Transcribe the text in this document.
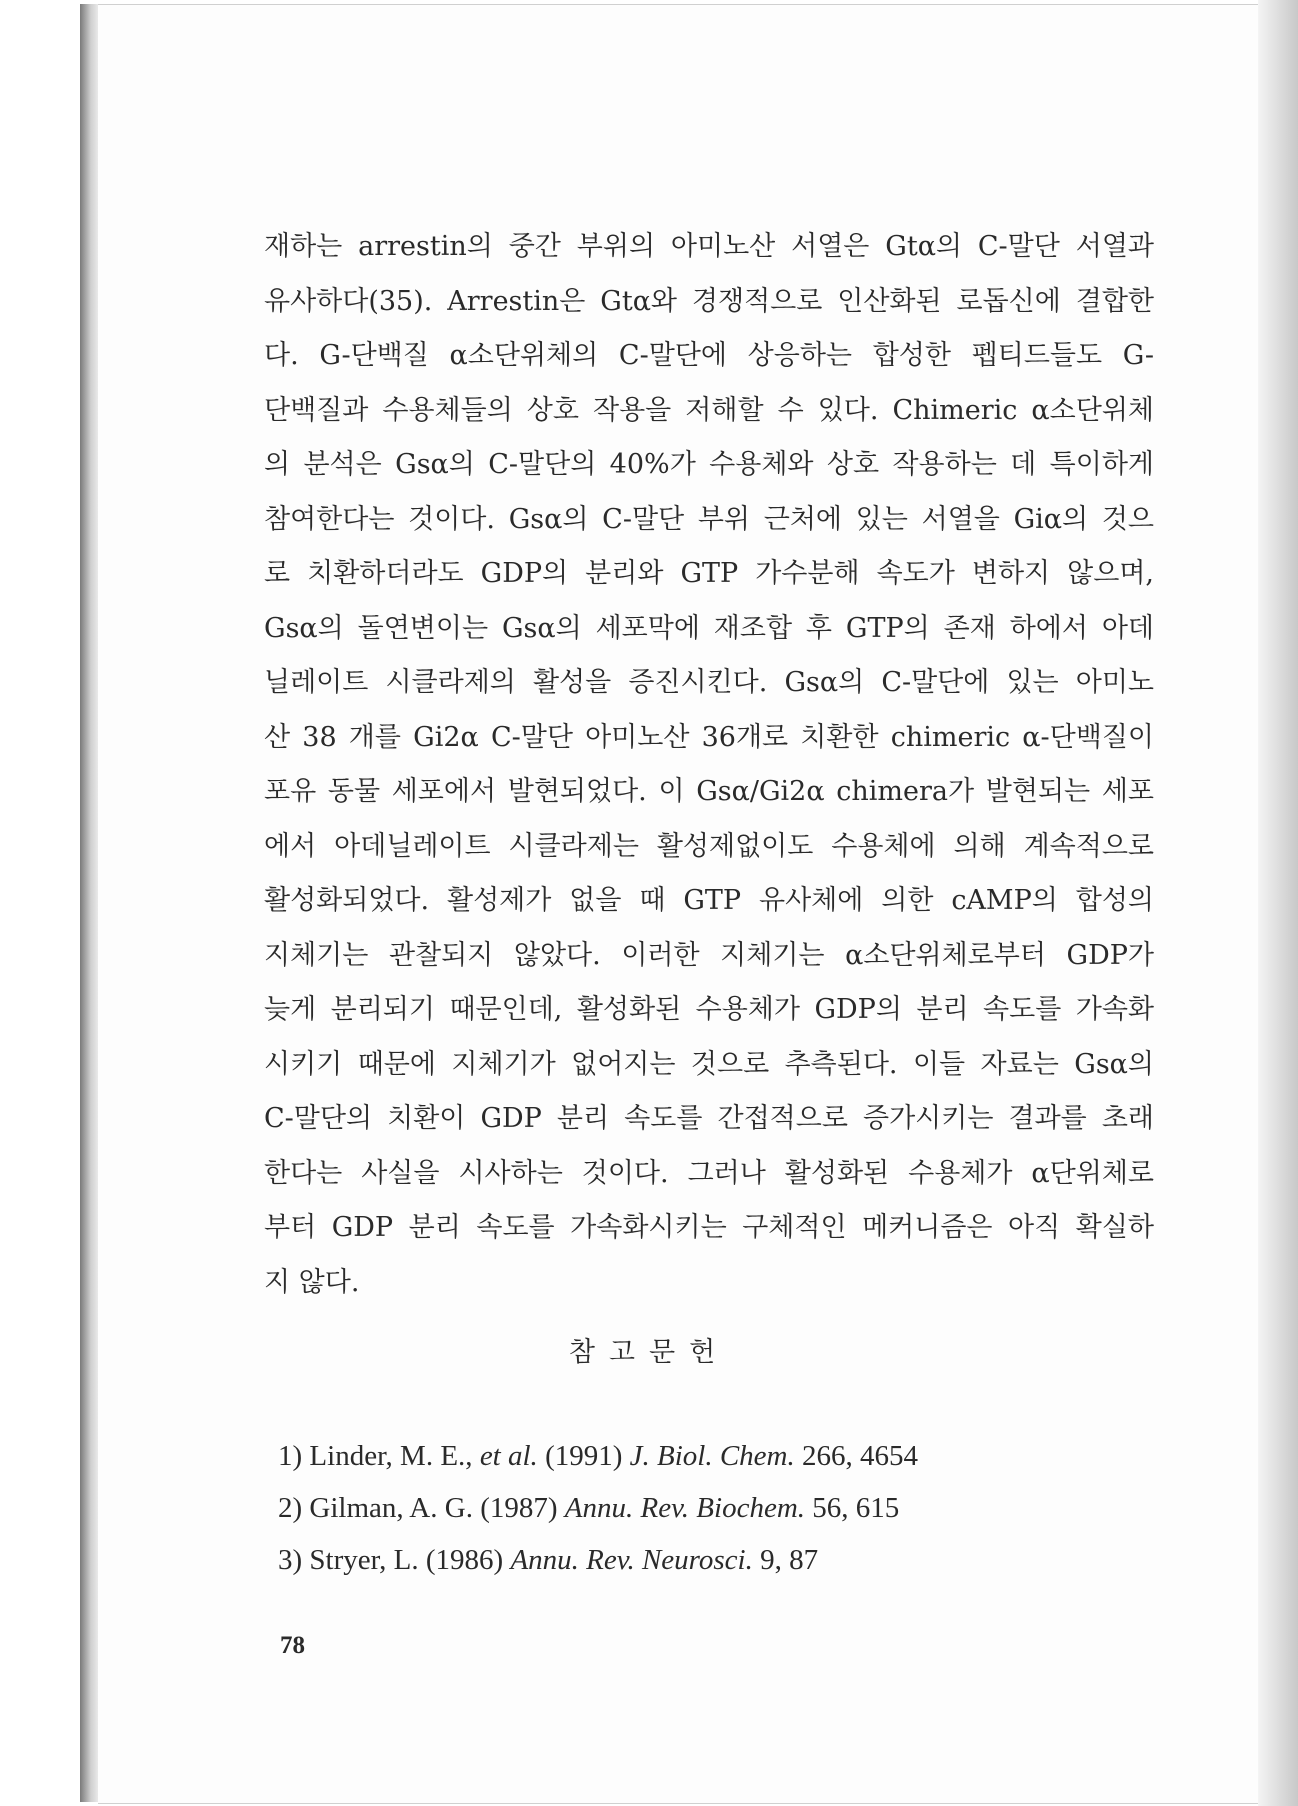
재하는 arrestin의 중간 부위의 아미노산 서열은 Gtα의 C-말단 서열과
유사하다(35). Arrestin은 Gtα와 경쟁적으로 인산화된 로돕신에 결합한
다. G-단백질 α소단위체의 C-말단에 상응하는 합성한 펩티드들도 G-
단백질과 수용체들의 상호 작용을 저해할 수 있다. Chimeric α소단위체
의 분석은 Gsα의 C-말단의 40%가 수용체와 상호 작용하는 데 특이하게
참여한다는 것이다. Gsα의 C-말단 부위 근처에 있는 서열을 Giα의 것으
로 치환하더라도 GDP의 분리와 GTP 가수분해 속도가 변하지 않으며,
Gsα의 돌연변이는 Gsα의 세포막에 재조합 후 GTP의 존재 하에서 아데
닐레이트 시클라제의 활성을 증진시킨다. Gsα의 C-말단에 있는 아미노
산 38 개를 Gi2α C-말단 아미노산 36개로 치환한 chimeric α-단백질이
포유 동물 세포에서 발현되었다. 이 Gsα/Gi2α chimera가 발현되는 세포
에서 아데닐레이트 시클라제는 활성제없이도 수용체에 의해 계속적으로
활성화되었다. 활성제가 없을 때 GTP 유사체에 의한 cAMP의 합성의
지체기는 관찰되지 않았다. 이러한 지체기는 α소단위체로부터 GDP가
늦게 분리되기 때문인데, 활성화된 수용체가 GDP의 분리 속도를 가속화
시키기 때문에 지체기가 없어지는 것으로 추측된다. 이들 자료는 Gsα의
C-말단의 치환이 GDP 분리 속도를 간접적으로 증가시키는 결과를 초래
한다는 사실을 시사하는 것이다. 그러나 활성화된 수용체가 α단위체로
부터 GDP 분리 속도를 가속화시키는 구체적인 메커니즘은 아직 확실하
지 않다.
참고문헌
1) Linder, M. E., et al. (1991) J. Biol. Chem. 266, 4654
2) Gilman, A. G. (1987) Annu. Rev. Biochem. 56, 615
3) Stryer, L. (1986) Annu. Rev. Neurosci. 9, 87
78
